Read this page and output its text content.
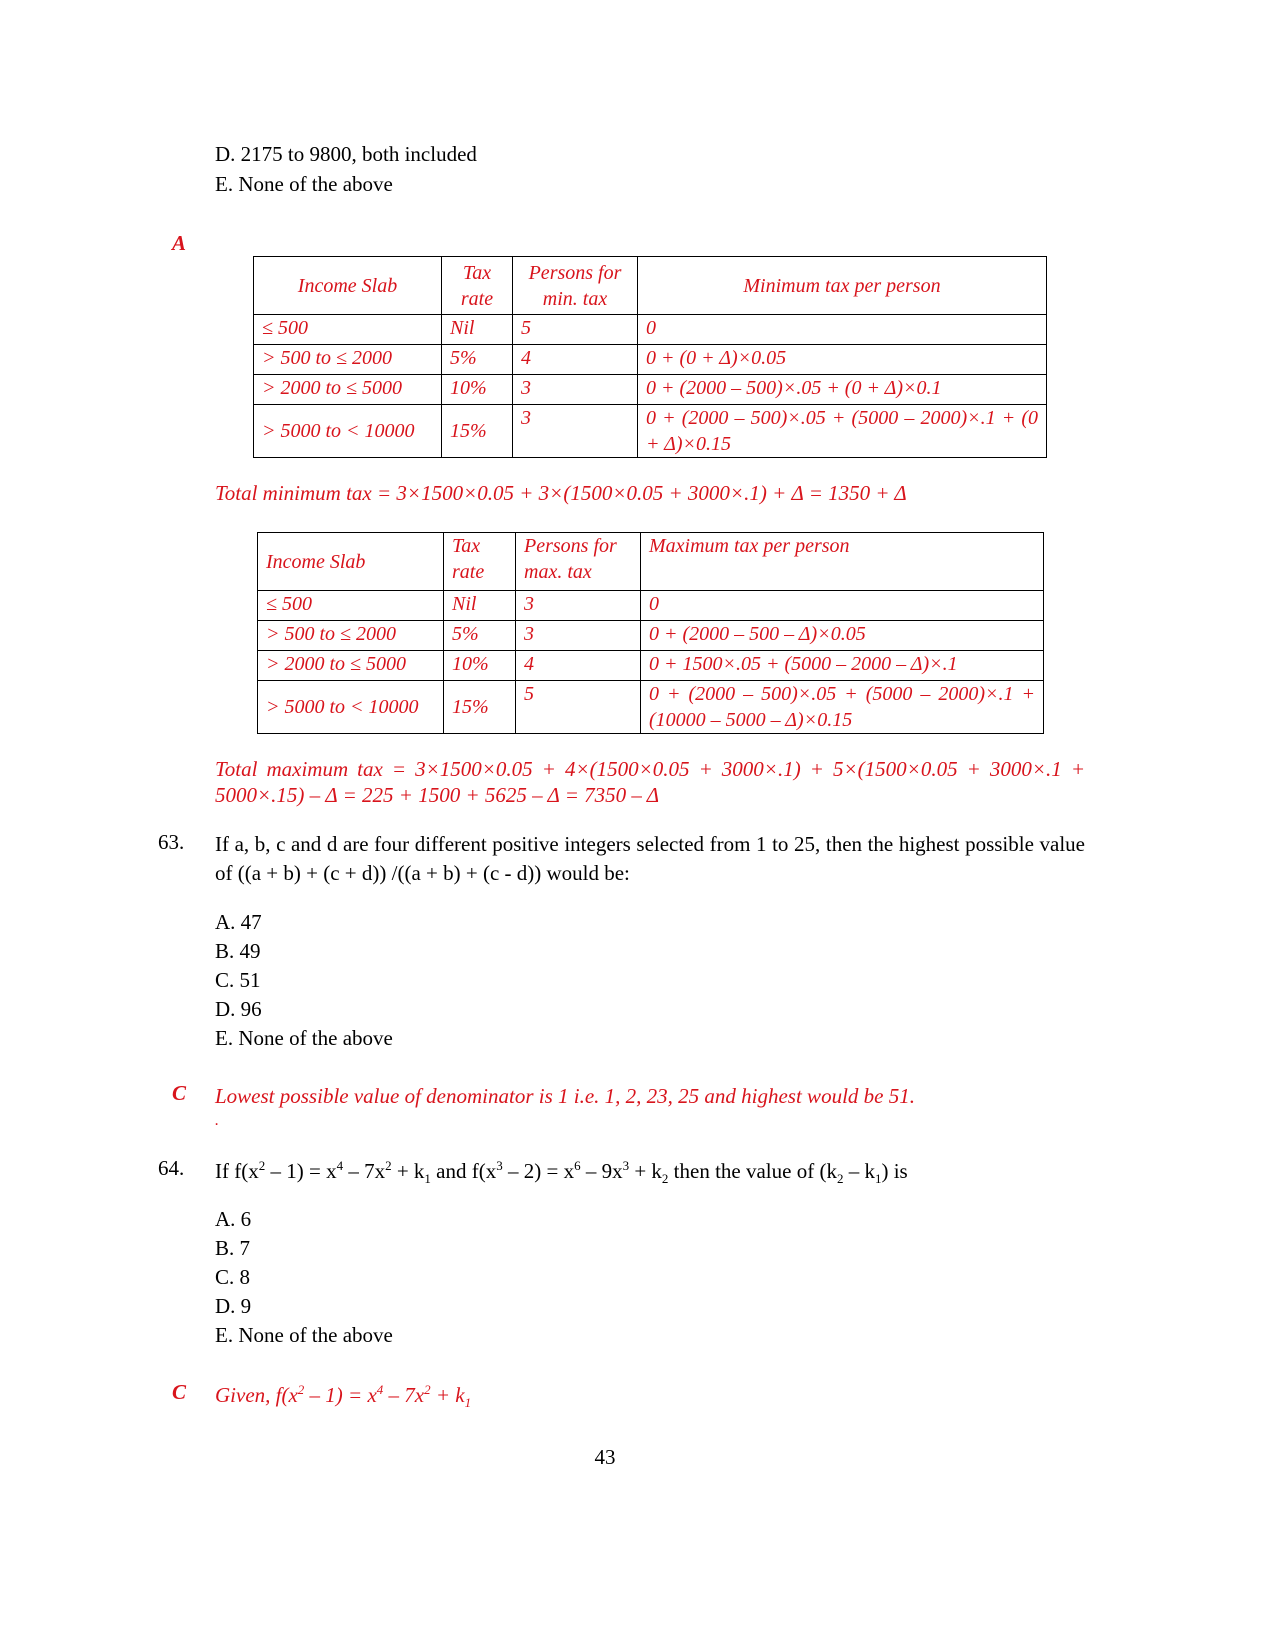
D. 2175 to 9800, both included
E. None of the above
A
Income Slab	Tax rate	Persons for min. tax	Minimum tax per person
≤ 500	Nil	5	0
> 500 to ≤ 2000	5%	4	0 + (0 + Δ)×0.05
> 2000 to ≤ 5000	10%	3	0 + (2000 – 500)×.05 + (0 + Δ)×0.1
> 5000 to < 10000	15%	3	0 + (2000 – 500)×.05 + (5000 – 2000)×.1 + (0 + Δ)×0.15
Total minimum tax = 3×1500×0.05 + 3×(1500×0.05 + 3000×.1) + Δ = 1350 + Δ
Income Slab	Tax rate	Persons for max. tax	Maximum tax per person
≤ 500	Nil	3	0
> 500 to ≤ 2000	5%	3	0 + (2000 – 500 – Δ)×0.05
> 2000 to ≤ 5000	10%	4	0 + 1500×.05 + (5000 – 2000 – Δ)×.1
> 5000 to < 10000	15%	5	0 + (2000 – 500)×.05 + (5000 – 2000)×.1 + (10000 – 5000 – Δ)×0.15
Total maximum tax = 3×1500×0.05 + 4×(1500×0.05 + 3000×.1) + 5×(1500×0.05 + 3000×.1 + 5000×.15) – Δ = 225 + 1500 + 5625 – Δ = 7350 – Δ
63. If a, b, c and d are four different positive integers selected from 1 to 25, then the highest possible value of ((a + b) + (c + d)) /((a + b) + (c - d)) would be:
A. 47
B. 49
C. 51
D. 96
E. None of the above
C Lowest possible value of denominator is 1 i.e. 1, 2, 23, 25 and highest would be 51.
.
64. If $f(x^2 - 1) = x^4 - 7x^2 + k_1$ and $f(x^3 - 2) = x^6 - 9x^3 + k_2$ then the value of $(k_2 - k_1)$ is
A. 6
B. 7
C. 8
D. 9
E. None of the above
C Given, $f(x^2 - 1) = x^4 - 7x^2 + k_1$
43
